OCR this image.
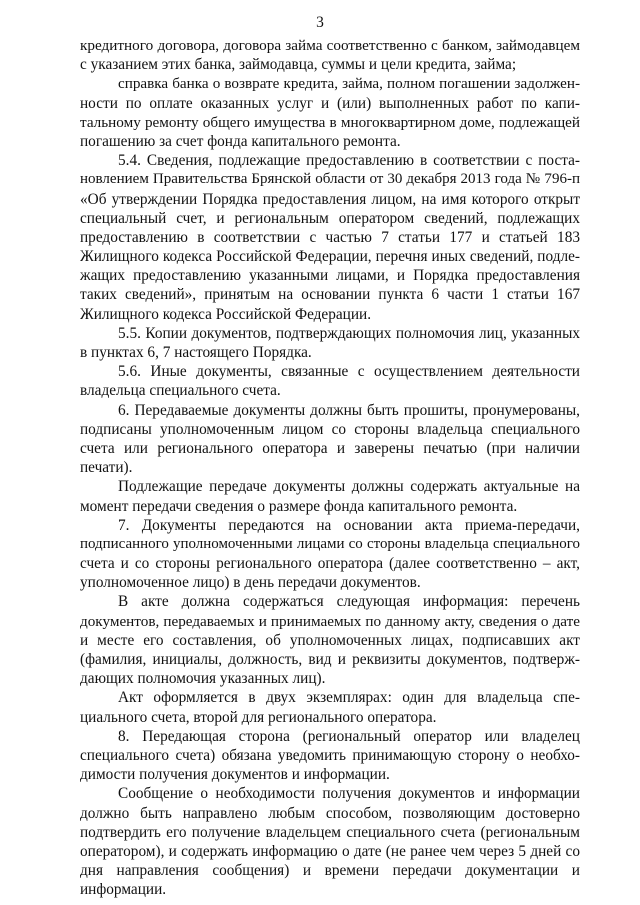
3
кредитного договора, договора займа соответственно с банком, займодавцем
с указанием этих банка, займодавца, суммы и цели кредита, займа;
справка банка о возврате кредита, займа, полном погашении задолжен-
ности по оплате оказанных услуг и (или) выполненных работ по капи-
тальному ремонту общего имущества в многоквартирном доме, подлежащей
погашению за счет фонда капитального ремонта.
5.4. Сведения, подлежащие предоставлению в соответствии с поста-
новлением Правительства Брянской области от 30 декабря 2013 года № 796-п
«Об утверждении Порядка предоставления лицом, на имя которого открыт
специальный счет, и региональным оператором сведений, подлежащих
предоставлению в соответствии с частью 7 статьи 177 и статьей 183
Жилищного кодекса Российской Федерации, перечня иных сведений, подле-
жащих предоставлению указанными лицами, и Порядка предоставления
таких сведений», принятым на основании пункта 6 части 1 статьи 167
Жилищного кодекса Российской Федерации.
5.5. Копии документов, подтверждающих полномочия лиц, указанных
в пунктах 6, 7 настоящего Порядка.
5.6. Иные документы, связанные с осуществлением деятельности
владельца специального счета.
6. Передаваемые документы должны быть прошиты, пронумерованы,
подписаны уполномоченным лицом со стороны владельца специального
счета или регионального оператора и заверены печатью (при наличии
печати).
Подлежащие передаче документы должны содержать актуальные на
момент передачи сведения о размере фонда капитального ремонта.
7. Документы передаются на основании акта приема-передачи,
подписанного уполномоченными лицами со стороны владельца специального
счета и со стороны регионального оператора (далее соответственно – акт,
уполномоченное лицо) в день передачи документов.
В акте должна содержаться следующая информация: перечень
документов, передаваемых и принимаемых по данному акту, сведения о дате
и месте его составления, об уполномоченных лицах, подписавших акт
(фамилия, инициалы, должность, вид и реквизиты документов, подтверж-
дающих полномочия указанных лиц).
Акт оформляется в двух экземплярах: один для владельца спе-
циального счета, второй для регионального оператора.
8. Передающая сторона (региональный оператор или владелец
специального счета) обязана уведомить принимающую сторону о необхо-
димости получения документов и информации.
Сообщение о необходимости получения документов и информации
должно быть направлено любым способом, позволяющим достоверно
подтвердить его получение владельцем специального счета (региональным
оператором), и содержать информацию о дате (не ранее чем через 5 дней со
дня направления сообщения) и времени передачи документации и
информации.
